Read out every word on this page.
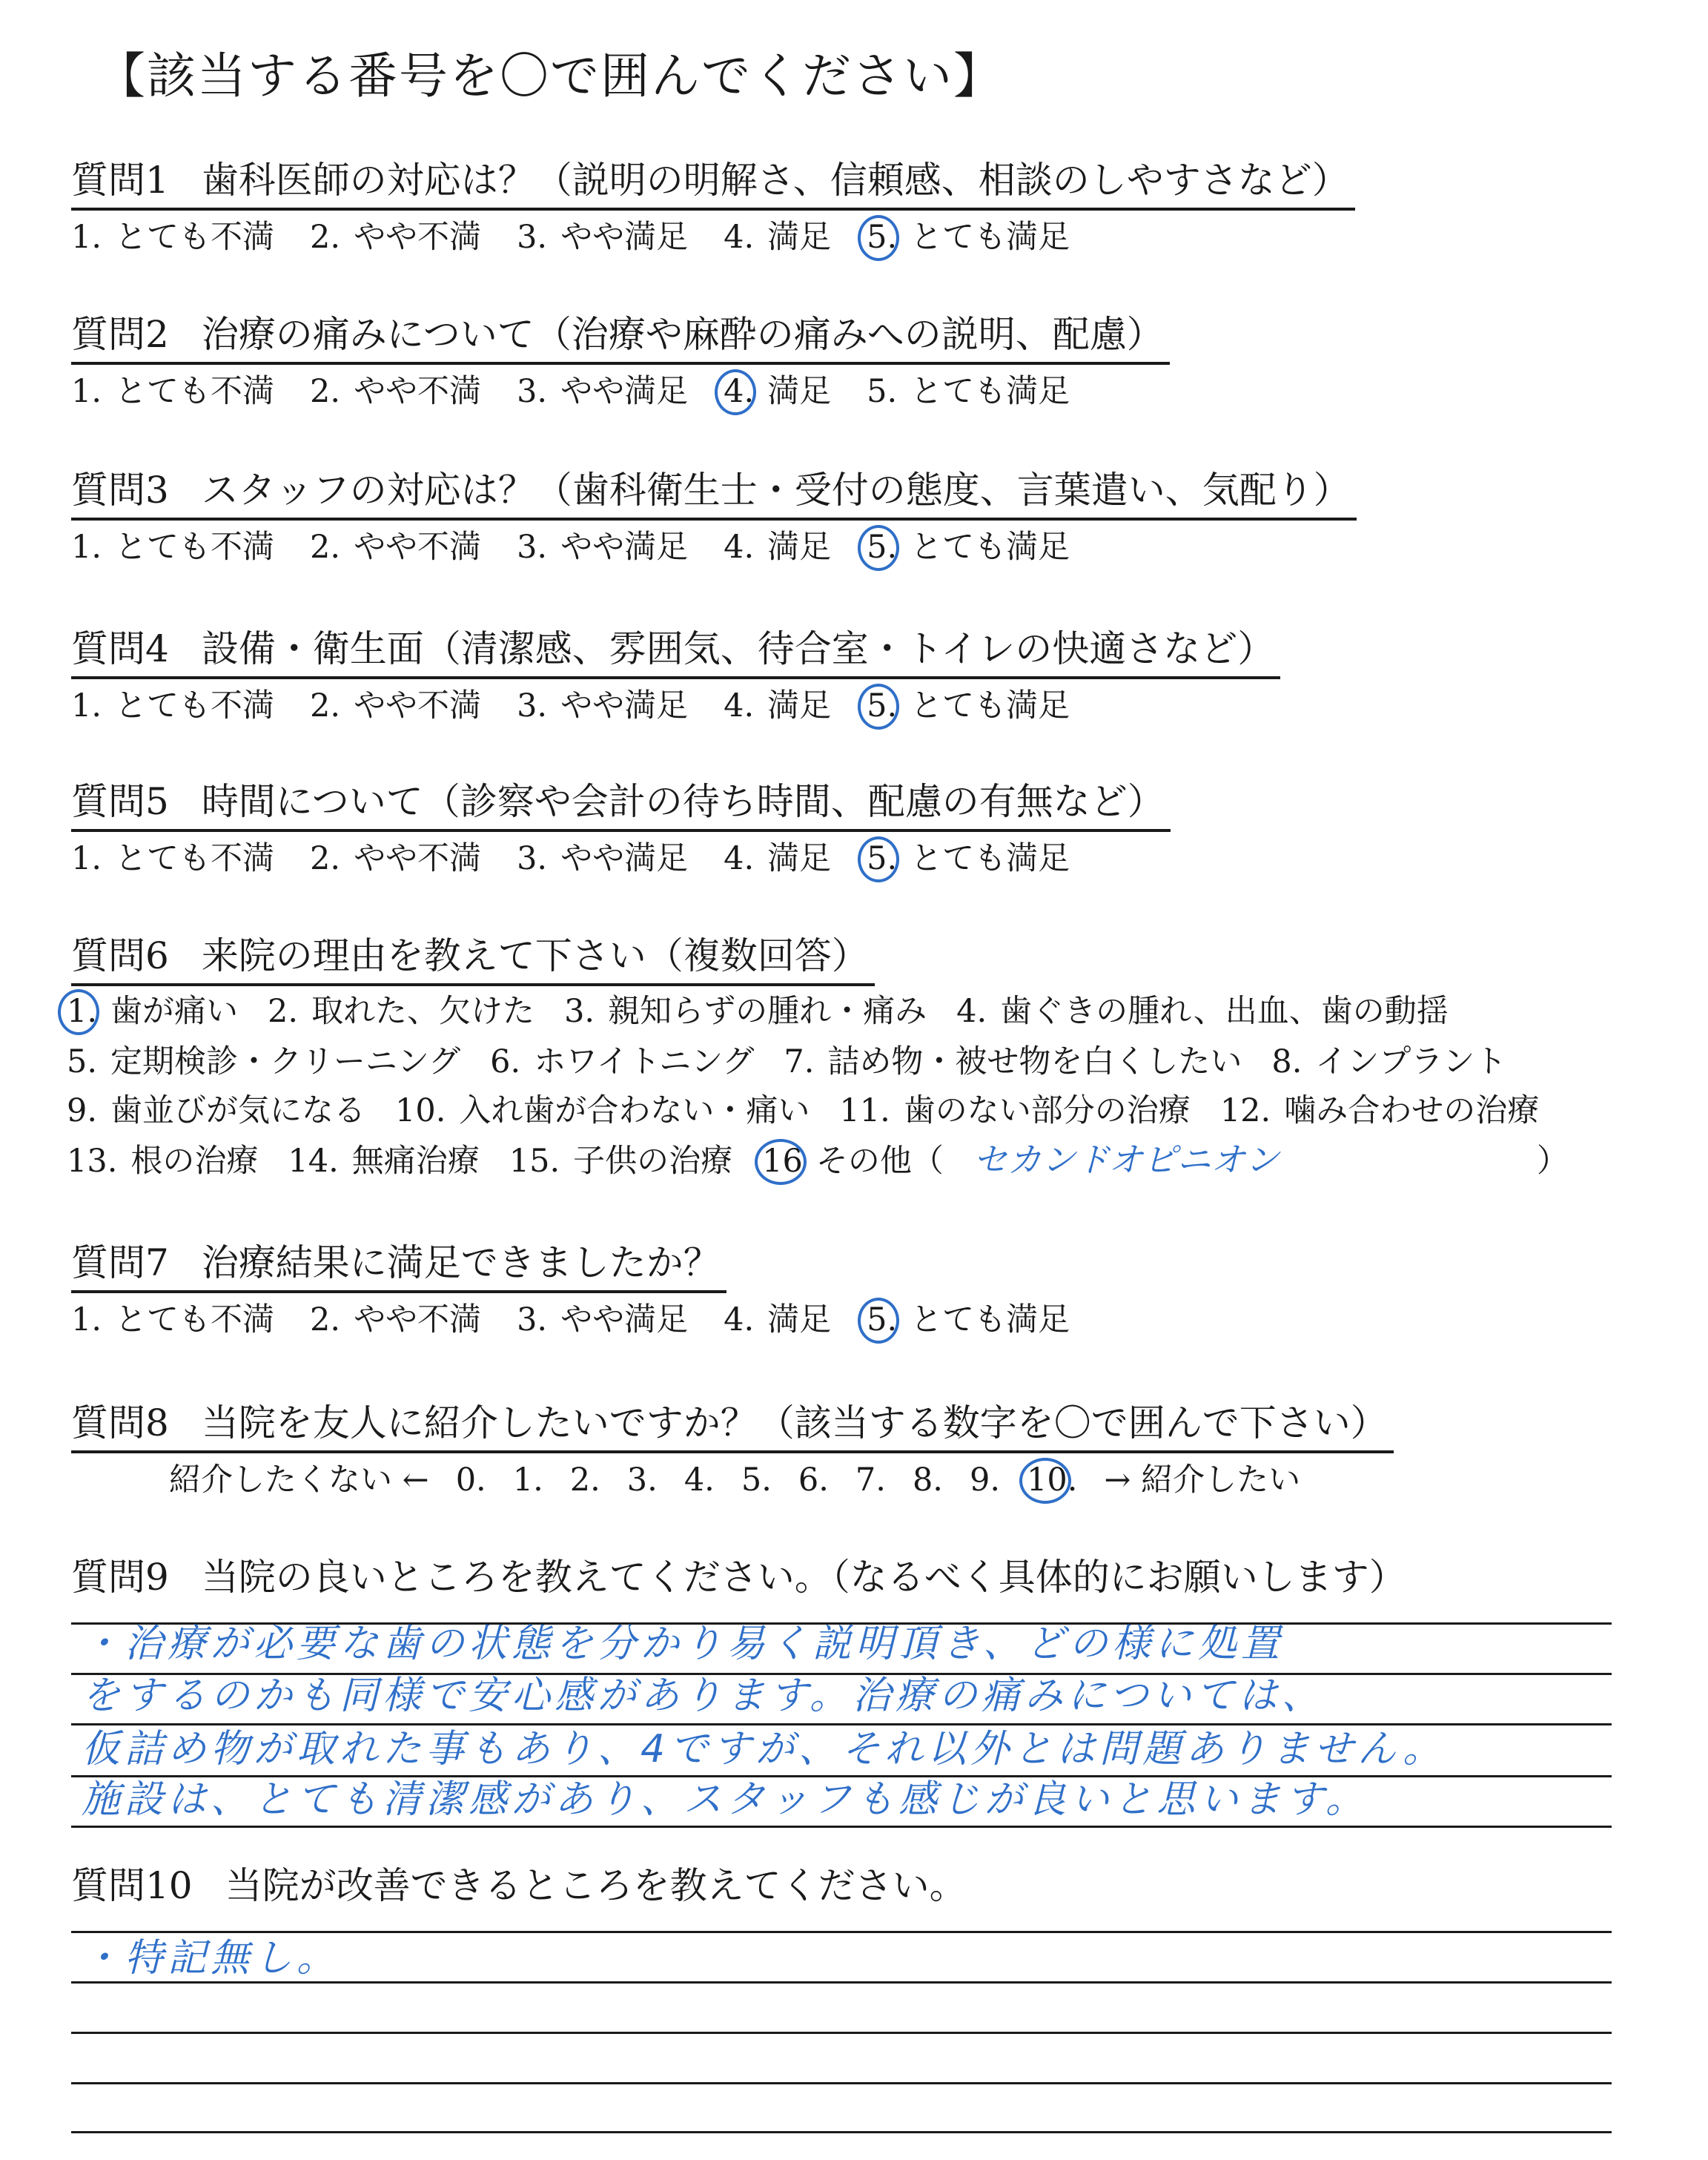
【該当する番号を〇で囲んでください】
質問1 歯科医師の対応は？（説明の明解さ、信頼感、相談のしやすさなど）
1. とても不満 2. やや不満 3. やや満足 4. 満足 5. とても満足
質問2 治療の痛みについて（治療や麻酔の痛みへの説明、配慮）
1. とても不満 2. やや不満 3. やや満足 4. 満足 5. とても満足
質問3 スタッフの対応は？（歯科衛生士・受付の態度、言葉遣い、気配り）
1. とても不満 2. やや不満 3. やや満足 4. 満足 5. とても満足
質問4 設備・衛生面（清潔感、雰囲気、待合室・トイレの快適さなど）
1. とても不満 2. やや不満 3. やや満足 4. 満足 5. とても満足
質問5 時間について（診察や会計の待ち時間、配慮の有無など）
1. とても不満 2. やや不満 3. やや満足 4. 満足 5. とても満足
質問6 来院の理由を教えて下さい（複数回答）
1. 歯が痛い 2. 取れた、欠けた 3. 親知らずの腫れ・痛み 4. 歯ぐきの腫れ、出血、歯の動揺
5. 定期検診・クリーニング 6. ホワイトニング 7. 詰め物・被せ物を白くしたい 8. インプラント
9. 歯並びが気になる 10. 入れ歯が合わない・痛い 11. 歯のない部分の治療 12. 噛み合わせの治療
13. 根の治療 14. 無痛治療 15. 子供の治療 16 その他（ セカンドオピニオン	）
質問7 治療結果に満足できましたか？
1. とても不満 2. やや不満 3. やや満足 4. 満足 5. とても満足
質問8 当院を友人に紹介したいですか？（該当する数字を〇で囲んで下さい）
紹介したくない ← 0. 1. 2. 3. 4. 5. 6. 7. 8. 9. 10. → 紹介したい
質問9 当院の良いところを教えてください。（なるべく具体的にお願いします）
・治療が必要な歯の状態を分かり易く説明頂き、どの様に処置
をするのかも同様で安心感があります。治療の痛みについては、
仮詰め物が取れた事もあり、4ですが、それ以外とは問題ありません。
施設は、とても清潔感があり、スタッフも感じが良いと思います。
質問10 当院が改善できるところを教えてください。
・特記無し。
